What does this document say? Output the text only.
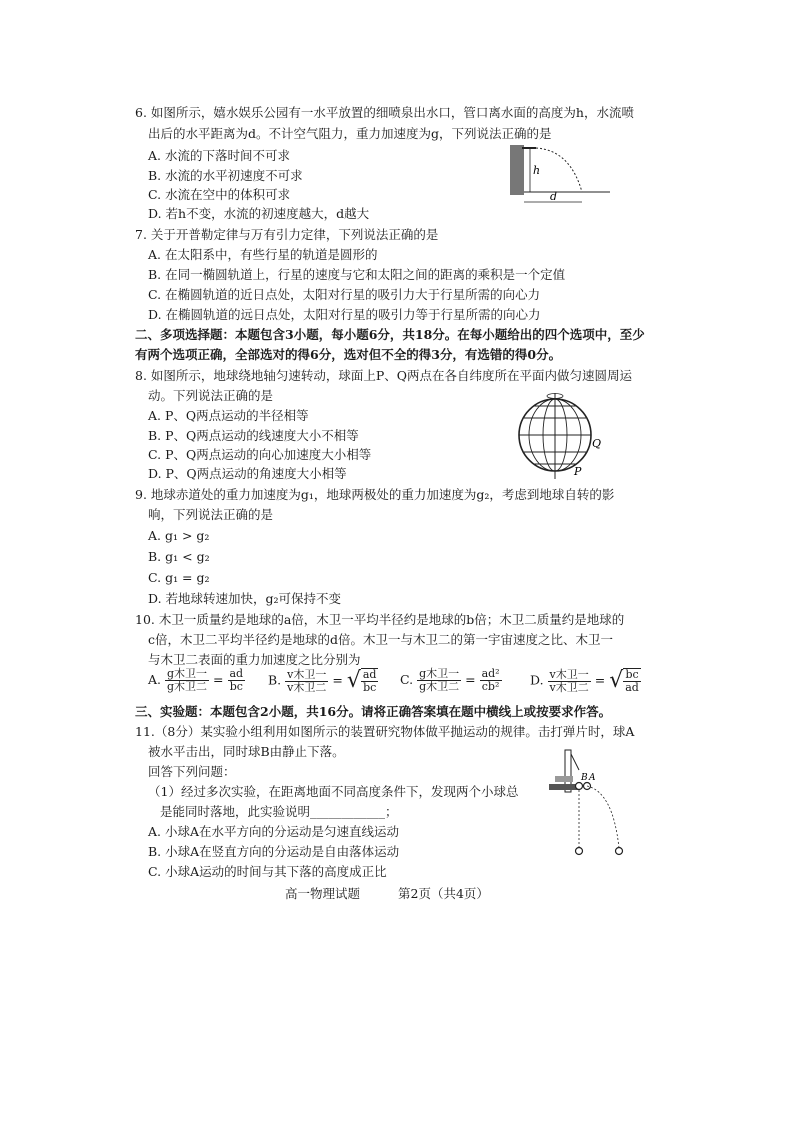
6. 如图所示，嬉水娱乐公园有一水平放置的细喷泉出水口，管口离水面的高度为h，水流喷
出后的水平距离为d。不计空气阻力，重力加速度为g，下列说法正确的是
A. 水流的下落时间不可求
B. 水流的水平初速度不可求
C. 水流在空中的体积可求
D. 若h不变，水流的初速度越大，d越大
h
d
7. 关于开普勒定律与万有引力定律，下列说法正确的是
A. 在太阳系中，有些行星的轨道是圆形的
B. 在同一椭圆轨道上，行星的速度与它和太阳之间的距离的乘积是一个定值
C. 在椭圆轨道的近日点处，太阳对行星的吸引力大于行星所需的向心力
D. 在椭圆轨道的远日点处，太阳对行星的吸引力等于行星所需的向心力
二、多项选择题：本题包含3小题，每小题6分，共18分。在每小题给出的四个选项中，至少
有两个选项正确，全部选对的得6分，选对但不全的得3分，有选错的得0分。
8. 如图所示，地球绕地轴匀速转动，球面上P、Q两点在各自纬度所在平面内做匀速圆周运
动。下列说法正确的是
A. P、Q两点运动的半径相等
B. P、Q两点运动的线速度大小不相等
C. P、Q两点运动的向心加速度大小相等
D. P、Q两点运动的角速度大小相等
Q
P
9. 地球赤道处的重力加速度为g₁，地球两极处的重力加速度为g₂，考虑到地球自转的影
响，下列说法正确的是
A. g₁ > g₂
B. g₁ < g₂
C. g₁ = g₂
D. 若地球转速加快，g₂可保持不变
10. 木卫一质量约是地球的a倍，木卫一平均半径约是地球的b倍；木卫二质量约是地球的
c倍，木卫二平均半径约是地球的d倍。木卫一与木卫二的第一宇宙速度之比、木卫一
与木卫二表面的重力加速度之比分别为
A. $\frac{\text{g木卫一}}{\text{g木卫二}} = \frac{ad}{bc} B$. $\frac{\text{v木卫一}}{\text{v木卫二}}$ = √ $\frac{ad}{bc} C$. $\frac{\text{g木卫一}}{\text{g木卫二}} = \frac{\text{ad²}}{\text{cb²}} D$. $\frac{\text{v木卫一}}{\text{v木卫二}}$ = √ $\frac{bc}{ad}$
三、实验题：本题包含2小题，共16分。请将正确答案填在题中横线上或按要求作答。
11.（8分）某实验小组利用如图所示的装置研究物体做平抛运动的规律。击打弹片时，球A
被水平击出，同时球B由静止下落。
回答下列问题：
（1）经过多次实验，在距离地面不同高度条件下，发现两个小球总
是能同时落地，此实验说明____________；
A. 小球A在水平方向的分运动是匀速直线运动
B. 小球A在竖直方向的分运动是自由落体运动
C. 小球A运动的时间与其下落的高度成正比
B A
高一物理试题	第2页（共4页）
